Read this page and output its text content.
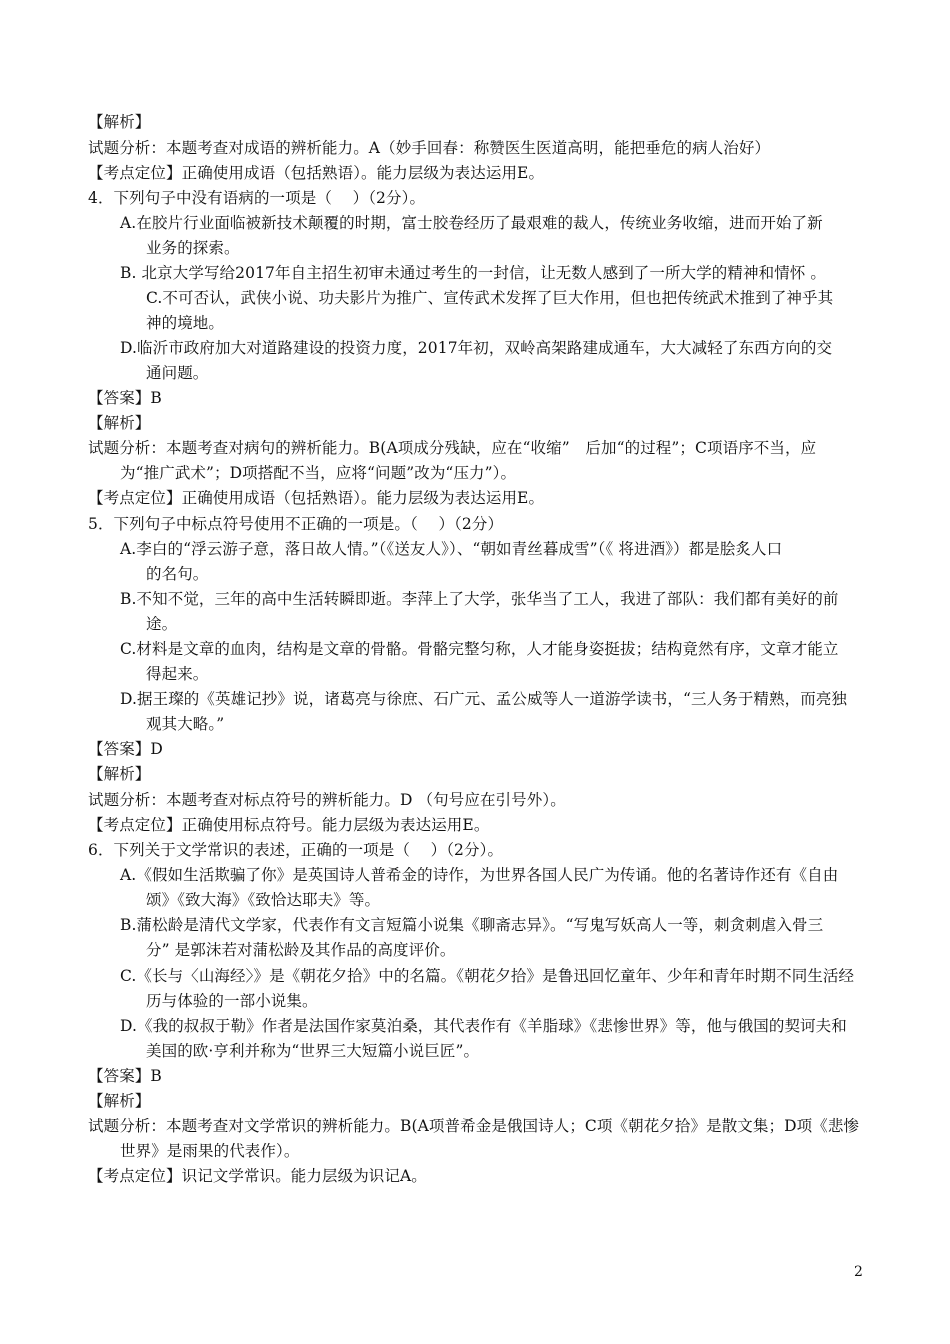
【解析】
试题分析：本题考查对成语的辨析能力。A（妙手回春：称赞医生医道高明，能把垂危的病人治好）
【考点定位】正确使用成语（包括熟语）。能力层级为表达运用E。
4．下列句子中没有语病的一项是（　 ）（2分）。
A.在胶片行业面临被新技术颠覆的时期，富士胶卷经历了最艰难的裁人，传统业务收缩，进而开始了新
业务的探索。
B. 北京大学写给2017年自主招生初审未通过考生的一封信，让无数人感到了一所大学的精神和情怀 。
C.不可否认，武侠小说、功夫影片为推广、宣传武术发挥了巨大作用，但也把传统武术推到了神乎其
神的境地。
D.临沂市政府加大对道路建设的投资力度，2017年初，双岭高架路建成通车，大大减轻了东西方向的交
通问题。
【答案】B
【解析】
试题分析：本题考查对病句的辨析能力。B(A项成分残缺，应在“收缩”　后加“的过程”；C项语序不当，应
为“推广武术”；D项搭配不当，应将“问题”改为“压力”）。
【考点定位】正确使用成语（包括熟语）。能力层级为表达运用E。
5．下列句子中标点符号使用不正确的一项是。（　 ）（2分）
A.李白的“浮云游子意，落日故人情。”（《送友人》）、“朝如青丝暮成雪”（《 将进酒》）都是脍炙人口
的名句。
B.不知不觉，三年的高中生活转瞬即逝。李萍上了大学，张华当了工人，我进了部队：我们都有美好的前
途。
C.材料是文章的血肉，结构是文章的骨骼。骨骼完整匀称，人才能身姿挺拔；结构竟然有序，文章才能立
得起来。
D.据王璨的《英雄记抄》说，诸葛亮与徐庶、石广元、孟公威等人一道游学读书，“三人务于精熟，而亮独
观其大略。”
【答案】D
【解析】
试题分析：本题考查对标点符号的辨析能力。D （句号应在引号外）。
【考点定位】正确使用标点符号。能力层级为表达运用E。
6．下列关于文学常识的表述，正确的一项是（　 ）（2分）。
A.《假如生活欺骗了你》是英国诗人普希金的诗作，为世界各国人民广为传诵。他的名著诗作还有《自由
颂》《致大海》《致恰达耶夫》等。
B.蒲松龄是清代文学家，代表作有文言短篇小说集《聊斋志异》。“写鬼写妖高人一等，刺贪刺虐入骨三
分” 是郭沫若对蒲松龄及其作品的高度评价。
C.《长与〈山海经〉》是《朝花夕拾》中的名篇。《朝花夕拾》是鲁迅回忆童年、少年和青年时期不同生活经
历与体验的一部小说集。
D.《我的叔叔于勒》作者是法国作家莫泊桑，其代表作有《羊脂球》《悲惨世界》等，他与俄国的契诃夫和
美国的欧·亨利并称为“世界三大短篇小说巨匠”。
【答案】B
【解析】
试题分析：本题考查对文学常识的辨析能力。B(A项普希金是俄国诗人；C项《朝花夕拾》是散文集；D项《悲惨
世界》是雨果的代表作）。
【考点定位】识记文学常识。能力层级为识记A。
2
